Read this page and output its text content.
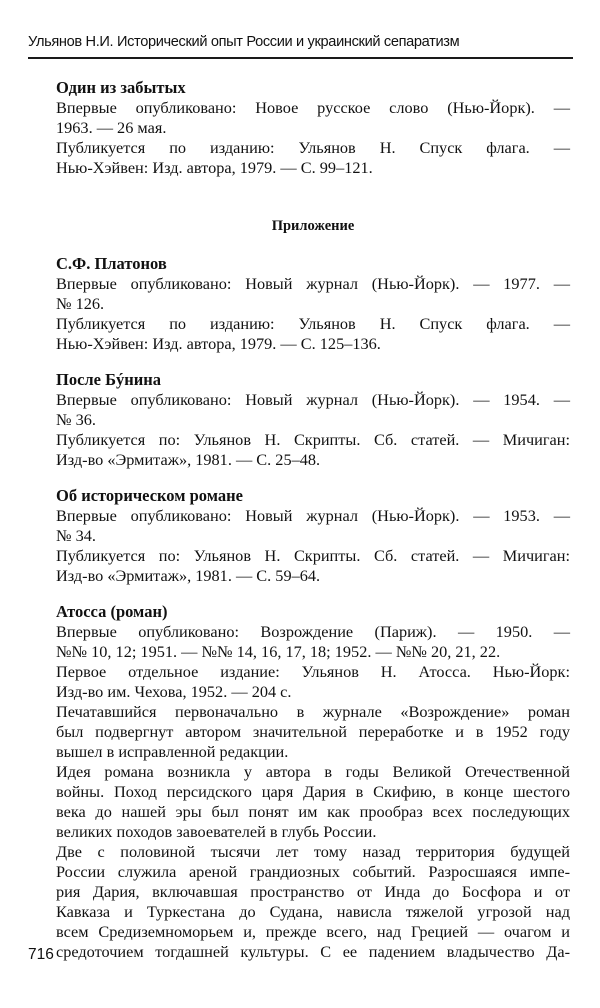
Ульянов Н.И. Исторический опыт России и украинский сепаратизм
Один из забытых
Впервые опубликовано: Новое русское слово (Нью-Йорк). —
1963. — 26 мая.
Публикуется по изданию: Ульянов Н. Спуск флага. —
Нью-Хэйвен: Изд. автора, 1979. — С. 99–121.
Приложение
С.Ф. Платонов
Впервые опубликовано: Новый журнал (Нью-Йорк). — 1977. —
№ 126.
Публикуется по изданию: Ульянов Н. Спуск флага. —
Нью-Хэйвен: Изд. автора, 1979. — С. 125–136.
После Бýнина
Впервые опубликовано: Новый журнал (Нью-Йорк). — 1954. —
№ 36.
Публикуется по: Ульянов Н. Скрипты. Сб. статей. — Мичиган:
Изд-во «Эрмитаж», 1981. — С. 25–48.
Об историческом романе
Впервые опубликовано: Новый журнал (Нью-Йорк). — 1953. —
№ 34.
Публикуется по: Ульянов Н. Скрипты. Сб. статей. — Мичиган:
Изд-во «Эрмитаж», 1981. — С. 59–64.
Атосса (роман)
Впервые опубликовано: Возрождение (Париж). — 1950. —
№№ 10, 12; 1951. — №№ 14, 16, 17, 18; 1952. — №№ 20, 21, 22.
Первое отдельное издание: Ульянов Н. Атосса. Нью-Йорк:
Изд-во им. Чехова, 1952. — 204 с.
Печатавшийся первоначально в журнале «Возрождение» роман
был подвергнут автором значительной переработке и в 1952 году
вышел в исправленной редакции.
Идея романа возникла у автора в годы Великой Отечественной
войны. Поход персидского царя Дария в Скифию, в конце шестого
века до нашей эры был понят им как прообраз всех последующих
великих походов завоевателей в глубь России.
Две с половиной тысячи лет тому назад территория будущей
России служила ареной грандиозных событий. Разросшаяся импе-
рия Дария, включавшая пространство от Инда до Босфора и от
Кавказа и Туркестана до Судана, нависла тяжелой угрозой над
всем Средиземноморьем и, прежде всего, над Грецией — очагом и
средоточием тогдашней культуры. С ее падением владычество Да-
716
